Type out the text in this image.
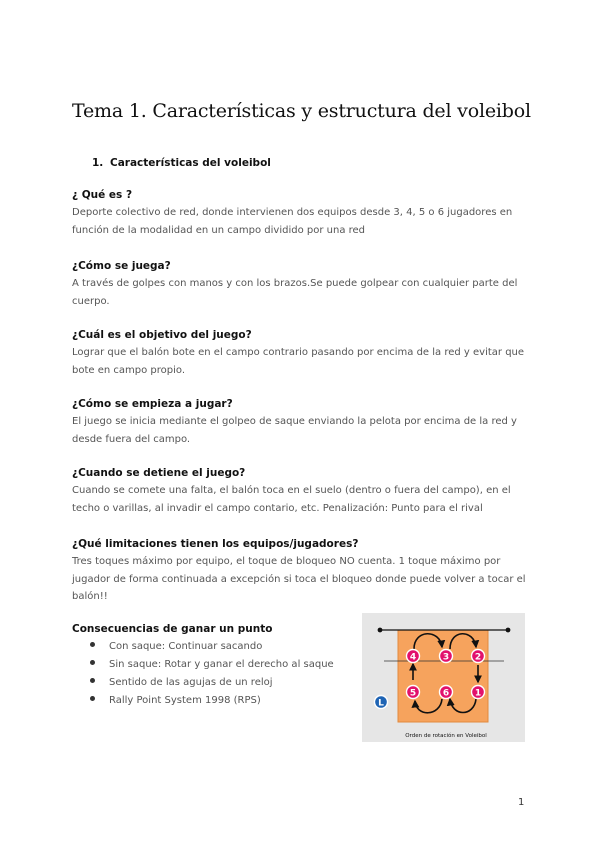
Tema 1. Características y estructura del voleibol
1. Características del voleibol
¿ Qué es ?
Deporte colectivo de red, donde intervienen dos equipos desde 3, 4, 5 o 6 jugadores en función de la modalidad en un campo dividido por una red
¿Cómo se juega?
A través de golpes con manos y con los brazos.Se puede golpear con cualquier parte del cuerpo.
¿Cuál es el objetivo del juego?
Lograr que el balón bote en el campo contrario pasando por encima de la red y evitar que bote en campo propio.
¿Cómo se empieza a jugar?
El juego se inicia mediante el golpeo de saque enviando la pelota por encima de la red y desde fuera del campo.
¿Cuando se detiene el juego?
Cuando se comete una falta, el balón toca en el suelo (dentro o fuera del campo), en el techo o varillas, al invadir el campo contario, etc. Penalización: Punto para el rival
¿Qué limitaciones tienen los equipos/jugadores?
Tres toques máximo por equipo, el toque de bloqueo NO cuenta. 1 toque máximo por jugador de forma continuada a excepción si toca el bloqueo donde puede volver a tocar el balón!!
Consecuencias de ganar un punto
Con saque: Continuar sacando
Sin saque: Rotar y ganar el derecho al saque
Sentido de las agujas de un reloj
Rally Point System 1998 (RPS)
4	3	2
5	6	1
L
Orden de rotación en Voleibol
1
